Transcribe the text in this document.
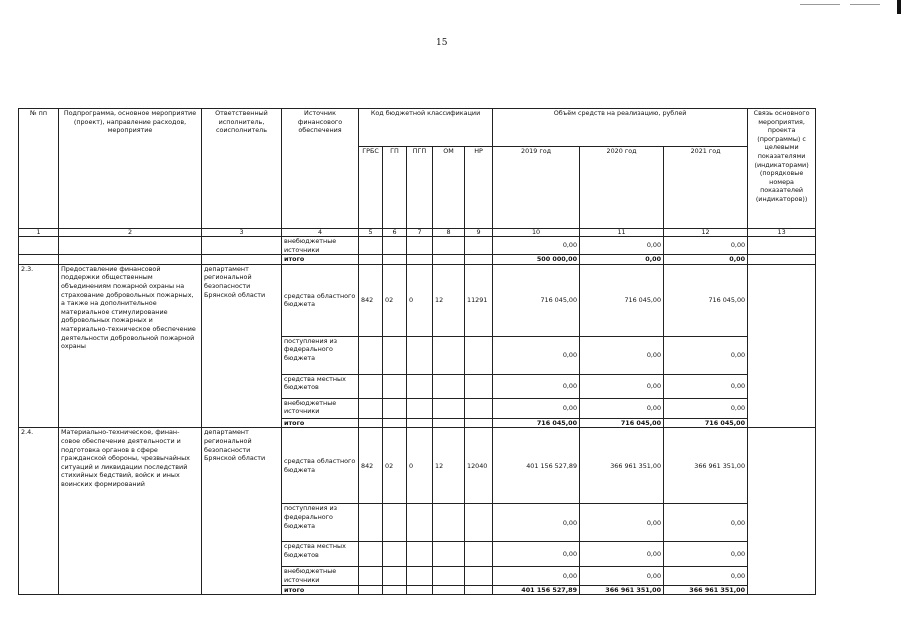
15
№ пп	Подпрограмма, основное мероприятие (проект), направление расходов, мероприятие	Ответственный исполнитель, соисполнитель	Источник финансового обеспечения	Код бюджетной классификации					Объём средств на реализацию, рублей			Связь основного мероприятия, проекта (программы) с целевыми показателями (индикаторами) (порядковые номера показателей (индикаторов))
				ГРБС	ГП	ПГП	ОМ	НР	2019 год	2020 год	2021 год	
1	2	3	4	5	6	7	8	9	10	11	12	13
			внебюджетные источники						0,00	0,00	0,00	
			итого						500 000,00	0,00	0,00	
2.3.	Предоставление финансовой поддержки общественным объединениям пожарной охраны на страхование добровольных пожарных, а также на дополнительное материальное стимулирование добровольных пожарных и материально-техническое обеспечение деятельности добровольной пожарной охраны	департамент региональной безопасности Брянской области	средства областного бюджета	842	02	0	12	11291	716 045,00	716 045,00	716 045,00	
			поступления из федерального бюджета						0,00	0,00	0,00	
			средства местных бюджетов						0,00	0,00	0,00	
			внебюджетные источники						0,00	0,00	0,00	
			итого						716 045,00	716 045,00	716 045,00	
2.4.	Материально-техническое, финан- совое обеспечение деятельности и подготовка органов в сфере гражданской обороны, чрезвычайных ситуаций и ликвидации последствий стихийных бедствий, войск и иных воинских формирований	департамент региональной безопасности Брянской области	средства областного бюджета	842	02	0	12	12040	401 156 527,89	366 961 351,00	366 961 351,00	
			поступления из федерального бюджета						0,00	0,00	0,00	
			средства местных бюджетов						0,00	0,00	0,00	
			внебюджетные источники						0,00	0,00	0,00	
			итого						401 156 527,89	366 961 351,00	366 961 351,00	
